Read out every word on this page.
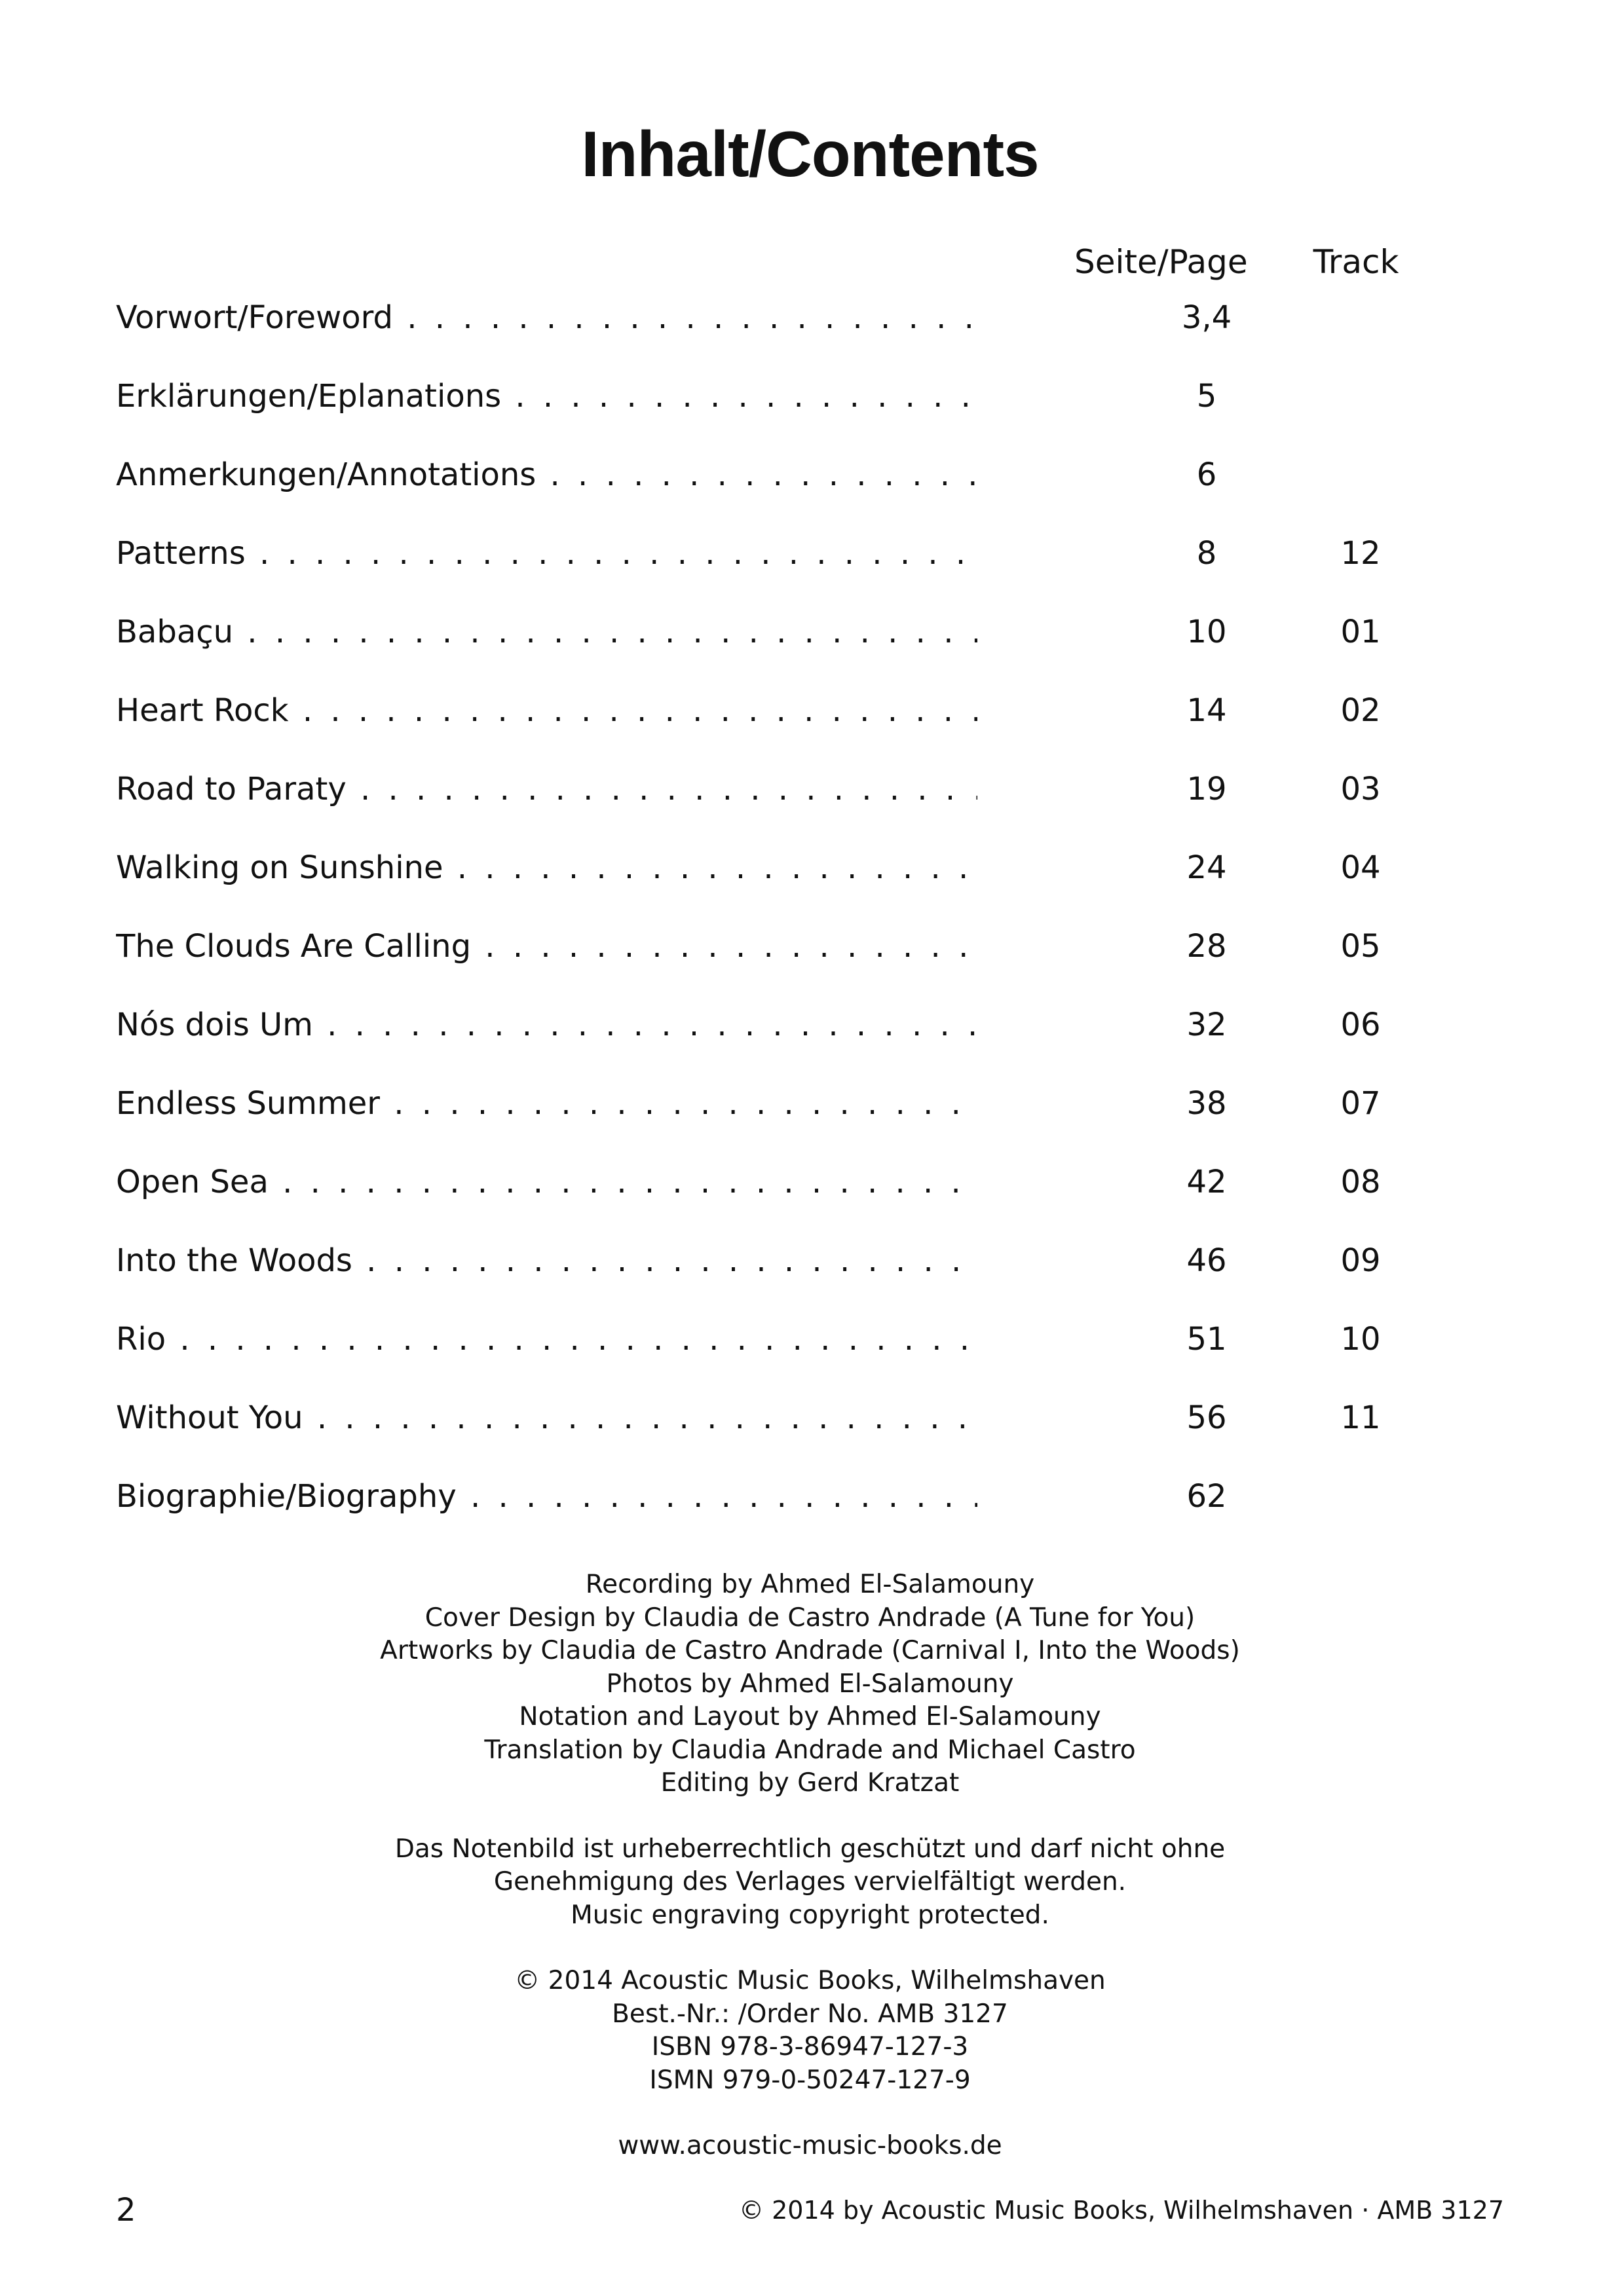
Inhalt/Contents
Seite/Page Track
Vorwort/Foreword . . .	3,4
Erklärungen/Eplanations . . .	5
Anmerkungen/Annotations . . .	6
Patterns . . .	8	12
Babaçu . . .	10	01
Heart Rock . . .	14	02
Road to Paraty . . .	19	03
Walking on Sunshine . . .	24	04
The Clouds Are Calling . . .	28	05
Nós dois Um . . .	32	06
Endless Summer . . .	38	07
Open Sea . . .	42	08
Into the Woods . . .	46	09
Rio . . .	51	10
Without You . . .	56	11
Biographie/Biography . . .	62

Recording by Ahmed El-Salamouny

Cover Design by Claudia de Castro Andrade (A Tune for You)

Artworks by Claudia de Castro Andrade (Carnival I, Into the Woods)

Photos by Ahmed El-Salamouny

Notation and Layout by Ahmed El-Salamouny

Translation by Claudia Andrade and Michael Castro

Editing by Gerd Kratzat

Das Notenbild ist urheberrechtlich geschützt und darf nicht ohne

Genehmigung des Verlages vervielfältigt werden.

Music engraving copyright protected.

© 2014 Acoustic Music Books, Wilhelmshaven

Best.-Nr.: /Order No. AMB 3127

ISBN 978-3-86947-127-3

ISMN 979-0-50247-127-9

www.acoustic-music-books.de
2	© 2014 by Acoustic Music Books, Wilhelmshaven · AMB 3127
